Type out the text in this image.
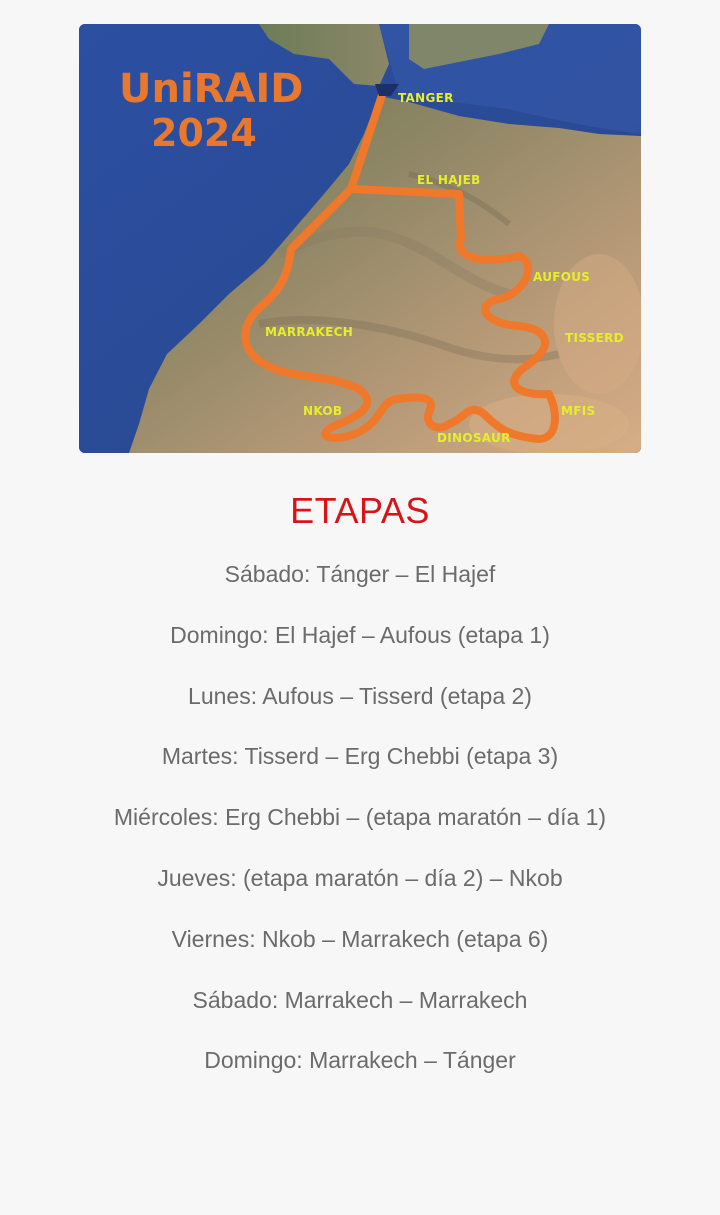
UniRAID
2024
TANGER
EL HAJEB
AUFOUS
TISSERD
MARRAKECH
MFIS
NKOB
DINOSAUR
ETAPAS
Sábado: Tánger – El Hajef
Domingo: El Hajef – Aufous (etapa 1)
Lunes: Aufous – Tisserd (etapa 2)
Martes: Tisserd – Erg Chebbi (etapa 3)
Miércoles: Erg Chebbi – (etapa maratón – día 1)
Jueves: (etapa maratón – día 2) – Nkob
Viernes: Nkob – Marrakech (etapa 6)
Sábado: Marrakech – Marrakech
Domingo: Marrakech – Tánger
